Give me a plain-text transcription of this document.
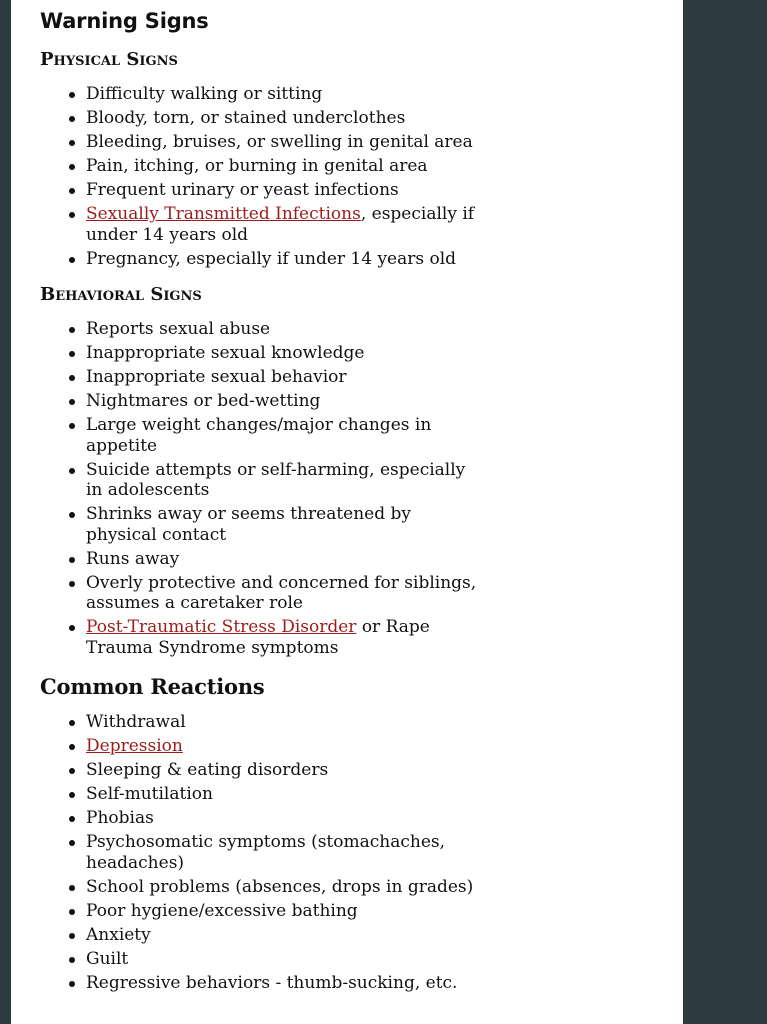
Warning Signs
Physical Signs
Difficulty walking or sitting
Bloody, torn, or stained underclothes
Bleeding, bruises, or swelling in genital area
Pain, itching, or burning in genital area
Frequent urinary or yeast infections
Sexually Transmitted Infections, especially if under 14 years old
Pregnancy, especially if under 14 years old
Behavioral Signs
Reports sexual abuse
Inappropriate sexual knowledge
Inappropriate sexual behavior
Nightmares or bed-wetting
Large weight changes/major changes in appetite
Suicide attempts or self-harming, especially in adolescents
Shrinks away or seems threatened by physical contact
Runs away
Overly protective and concerned for siblings, assumes a caretaker role
Post-Traumatic Stress Disorder or Rape Trauma Syndrome symptoms
Common Reactions
Withdrawal
Depression
Sleeping & eating disorders
Self-mutilation
Phobias
Psychosomatic symptoms (stomachaches, headaches)
School problems (absences, drops in grades)
Poor hygiene/excessive bathing
Anxiety
Guilt
Regressive behaviors - thumb-sucking, etc.
